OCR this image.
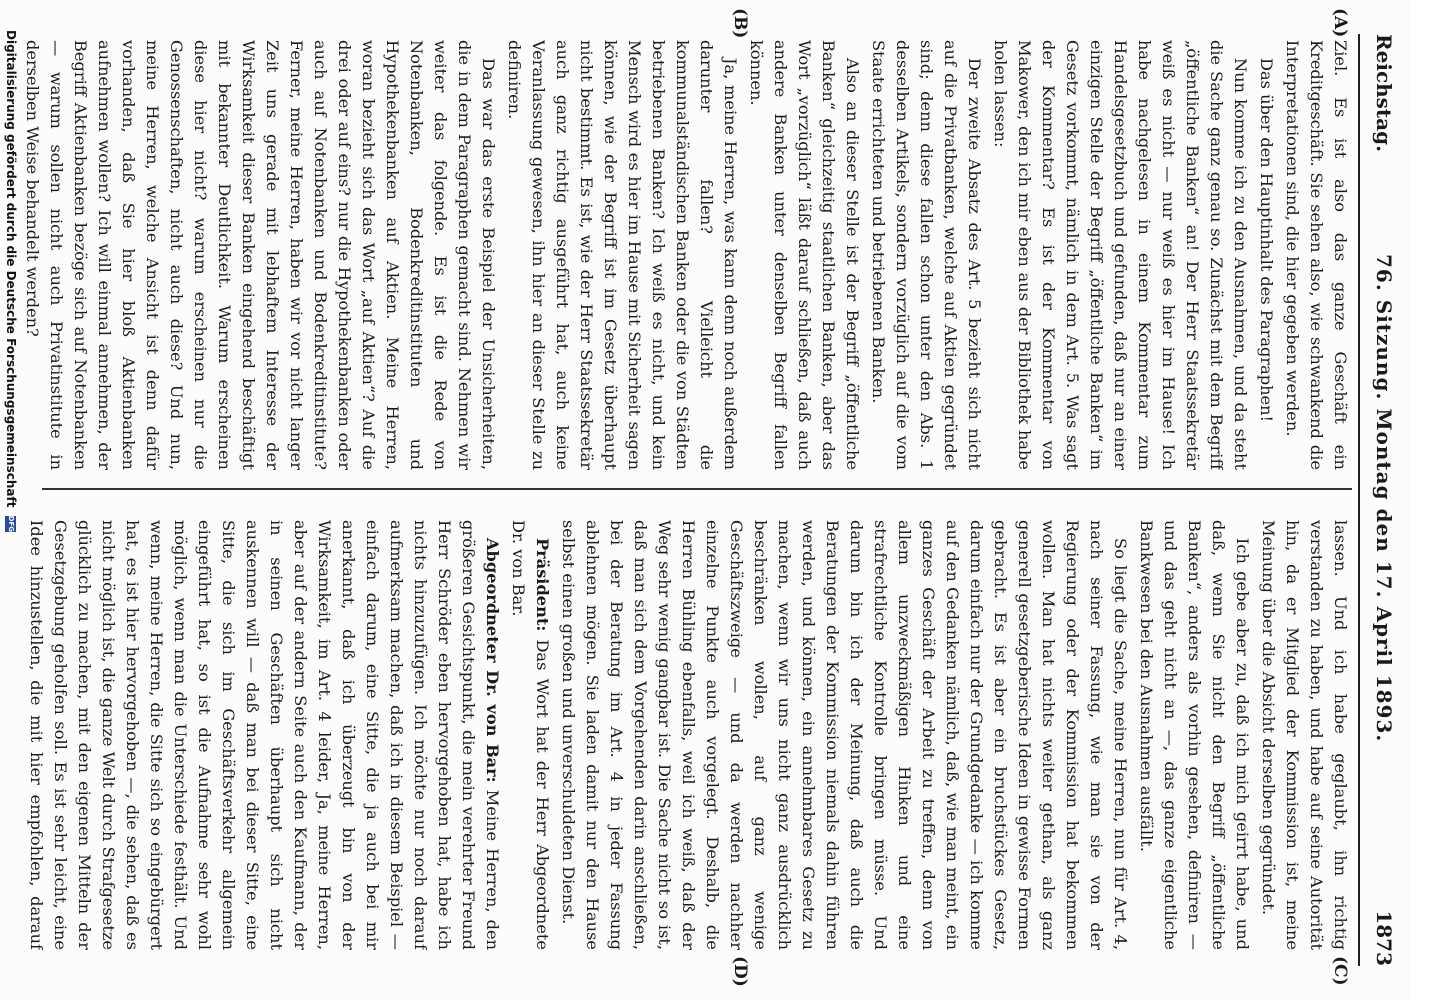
Reichstag.
76. Sitzung. Montag den 17. April 1893.
1873
(A)
(B)
(C)
(D)

Ziel. Es ist also das ganze Geschäft ein Kreditgeschäft. Sie sehen also, wie schwankend die Interpretationen sind, die hier gegeben werden.

Das über den Hauptinhalt des Paragraphen!

Nun komme ich zu den Ausnahmen, und da steht die Sache ganz genau so. Zunächst mit dem Begriff „öffentliche Banken“ an! Der Herr Staatssekretär weiß es nicht — nur weiß es hier im Hause! Ich habe nachgelesen in einem Kommentar zum Handelsgesetzbuch und gefunden, daß nur an einer einzigen Stelle der Begriff „öffentliche Banken“ im Gesetz vorkommt, nämlich in dem Art. 5. Was sagt der Kommentar? Es ist der Kommentar von Makower, den ich mir eben aus der Bibliothek habe holen lassen:

Der zweite Absatz des Art. 5 bezieht sich nicht auf die Privatbanken, welche auf Aktien gegründet sind; denn diese fallen schon unter den Abs. 1 desselben Artikels, sondern vorzüglich auf die vom Staate errichteten und betriebenen Banken.

Also an dieser Stelle ist der Begriff „öffentliche Banken“ gleichzeitig staatlichen Banken, aber das Wort „vorzüglich“ läßt darauf schließen, daß auch andere Banken unter denselben Begriff fallen können.

Ja, meine Herren, was kann denn noch außerdem darunter fallen? Vielleicht die kommunalständischen Banken oder die von Städten betriebenen Banken? Ich weiß es nicht, und kein Mensch wird es hier im Hause mit Sicherheit sagen können, wie der Begriff ist im Gesetz überhaupt nicht bestimmt. Es ist, wie der Herr Staatssekretär auch ganz richtig ausgeführt hat, auch keine Veranlassung gewesen, ihn hier an dieser Stelle zu definiren.

Das war das erste Beispiel der Unsicherheiten, die in dem Paragraphen gemacht sind. Nehmen wir weiter das folgende. Es ist die Rede von Notenbanken, Bodenkreditinstituten und Hypothekenbanken auf Aktien. Meine Herren, woran bezieht sich das Wort „auf Aktien“? Auf die drei oder auf eins? nur die Hypothekenbanken oder auch auf Notenbanken und Bodenkreditinstitute? Ferner, meine Herren, haben wir vor nicht langer Zeit uns gerade mit lebhaftem Interesse der Wirksamkeit dieser Banken eingehend beschäftigt mit bekannter Deutlichkeit. Warum erscheinen diese hier nicht? warum erscheinen nur die Genossenschaften, nicht auch diese? Und nun, meine Herren, welche Ansicht ist denn dafür vorhanden, daß Sie hier bloß Aktienbanken aufnehmen wollen? Ich will einmal annehmen, der Begriff Aktienbanken bezöge sich auf Notenbanken — warum sollen nicht auch Privatinstitute in derselben Weise behandelt werden?

lassen. Und ich habe geglaubt, ihn richtig verstanden zu haben, und habe auf seine Autorität hin, da er Mitglied der Kommission ist, meine Meinung über die Absicht derselben gegründet.

Ich gebe aber zu, daß ich mich geirrt habe, und daß, wenn Sie nicht den Begriff „öffentliche Banken“, anders als vorhin gesehen, definiren — und das geht nicht an —, das ganze eigentliche Bankwesen bei den Ausnahmen ausfällt.

So liegt die Sache, meine Herren, nun für Art. 4, nach seiner Fassung, wie man sie von der Regierung oder der Kommission hat bekommen wollen. Man hat nichts weiter gethan, als ganz generell gesetzgeberische Ideen in gewisse Formen gebracht. Es ist aber ein bruchstückes Gesetz, darum einfach nur der Grundgedanke — ich komme auf den Gedanken nämlich, daß, wie man meint, ein ganzes Geschäft der Arbeit zu treffen, denn von allem unzweckmäßigen Hinken und eine strafrechtliche Kontrolle bringen müsse. Und darum bin ich der Meinung, daß auch die Beratungen der Kommission niemals dahin führen werden, und können, ein annehmbares Gesetz zu machen, wenn wir uns nicht ganz ausdrücklich beschränken wollen, auf ganz wenige Geschäftszweige — und da werden nachher einzelne Punkte auch vorgelegt. Deshalb, die Herren Bühling ebenfalls, weil ich weiß, daß der Weg sehr wenig gangbar ist. Die Sache nicht so ist, daß man sich dem Vorgehenden darin anschließen, bei der Beratung im Art. 4 in jeder Fassung ablehnen mögen. Sie laden damit nur den Hause selbst einen großen und unverschuldeten Dienst.

Präsident: Das Wort hat der Herr Abgeordnete Dr. von Bar.

Abgeordneter Dr. von Bar: Meine Herren, den größeren Gesichtspunkt, die mein verehrter Freund Herr Schröder eben hervorgehoben hat, habe ich nichts hinzuzufügen. Ich möchte nur noch darauf aufmerksam machen, daß ich in diesem Beispiel — einfach darum, eine Sitte, die ja auch bei mir anerkannt, daß ich überzeugt bin von der Wirksamkeit, im Art. 4 leider, Ja, meine Herren, aber auf der andern Seite auch den Kaufmann, der in seinen Geschäften überhaupt sich nicht auskennen will — daß man bei dieser Sitte, eine Sitte, die sich im Geschäftsverkehr allgemein eingeführt hat, so ist die Aufnahme sehr wohl möglich, wenn man die Unterschiede festhält. Und wenn, meine Herren, die Sitte sich so eingebürgert hat, es ist hier hervorgehoben —, die sehen, daß es nicht möglich ist, die ganze Welt durch Strafgesetze glücklich zu machen, mit den eigenen Mitteln der Gesetzgebung geholfen soll. Es ist sehr leicht, eine Idee hinzustellen, die mit hier empfohlen, darauf

Digitalisierung gefördert durch die Deutsche Forschungsgemeinschaft DFG
